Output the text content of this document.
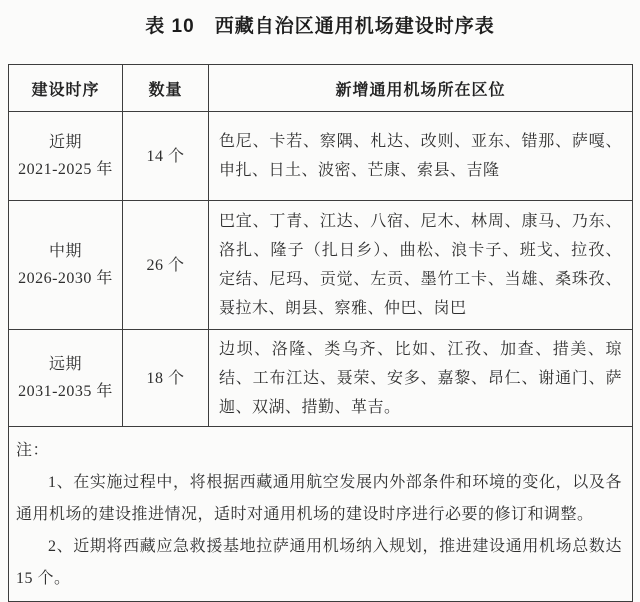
表 10　西藏自治区通用机场建设时序表
建设时序	数量	新增通用机场所在区位

近期
2021-2025 年	14 个	色尼、卡若、察隅、札达、改则、亚东、错那、萨嘎、申扎、日土、波密、芒康、索县、吉隆

中期
2026-2030 年	26 个	巴宜、丁青、江达、八宿、尼木、林周、康马、乃东、洛扎、隆子（扎日乡）、曲松、浪卡子、班戈、拉孜、定结、尼玛、贡觉、左贡、墨竹工卡、当雄、桑珠孜、聂拉木、朗县、察雅、仲巴、岗巴

远期
2031-2035 年	18 个	边坝、洛隆、类乌齐、比如、江孜、加查、措美、琼结、工布江达、聂荣、安多、嘉黎、昂仁、谢通门、萨迦、双湖、措勤、革吉。

注：

1、在实施过程中，将根据西藏通用航空发展内外部条件和环境的变化，以及各通用机场的建设推进情况，适时对通用机场的建设时序进行必要的修订和调整。

2、近期将西藏应急救援基地拉萨通用机场纳入规划，推进建设通用机场总数达 15 个。		
